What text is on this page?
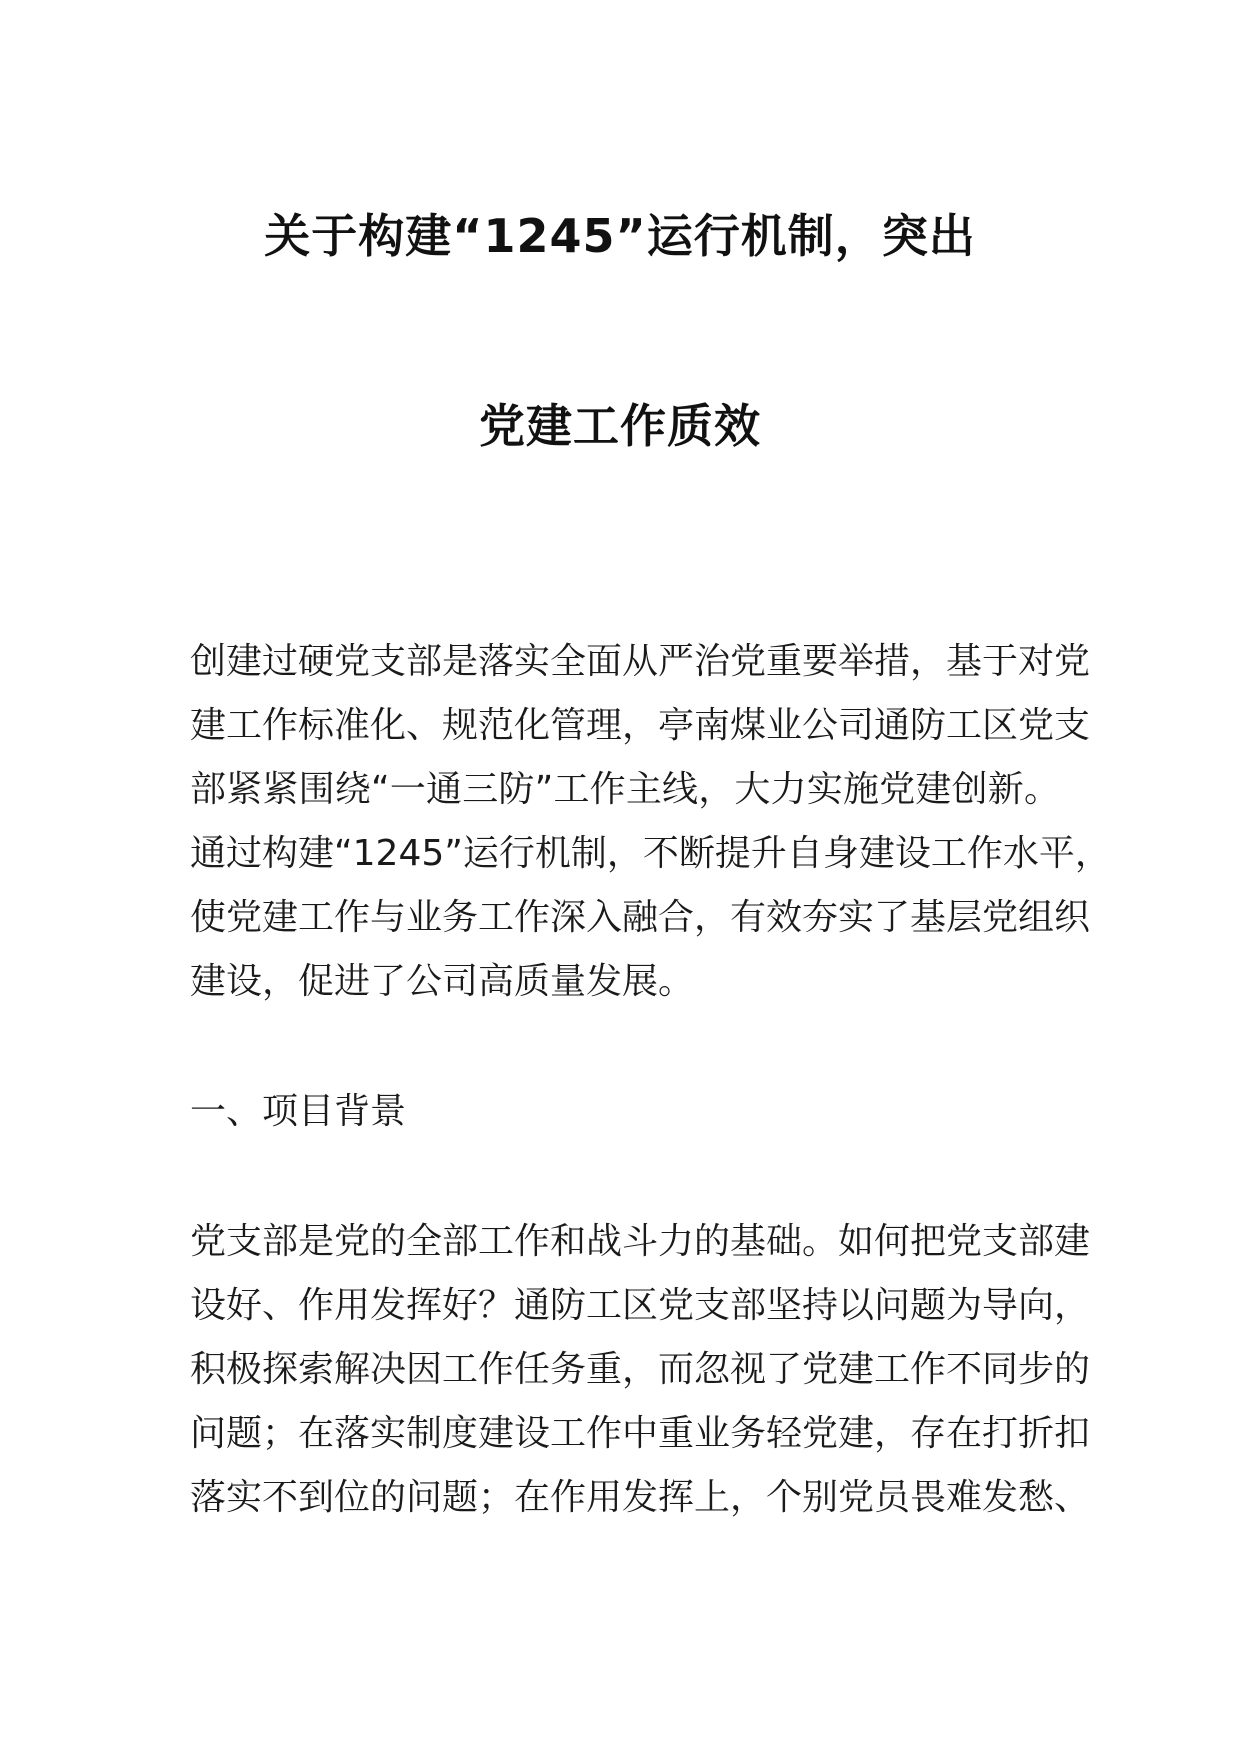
关于构建“1245”运行机制，突出
党建工作质效
创建过硬党支部是落实全面从严治党重要举措，基于对党
建工作标准化、规范化管理，亭南煤业公司通防工区党支
部紧紧围绕“一通三防”工作主线，大力实施党建创新。
通过构建“1245”运行机制，不断提升自身建设工作水平，
使党建工作与业务工作深入融合，有效夯实了基层党组织
建设，促进了公司高质量发展。
一、项目背景
党支部是党的全部工作和战斗力的基础。如何把党支部建
设好、作用发挥好？通防工区党支部坚持以问题为导向，
积极探索解决因工作任务重，而忽视了党建工作不同步的
问题；在落实制度建设工作中重业务轻党建，存在打折扣
落实不到位的问题；在作用发挥上，个别党员畏难发愁、
